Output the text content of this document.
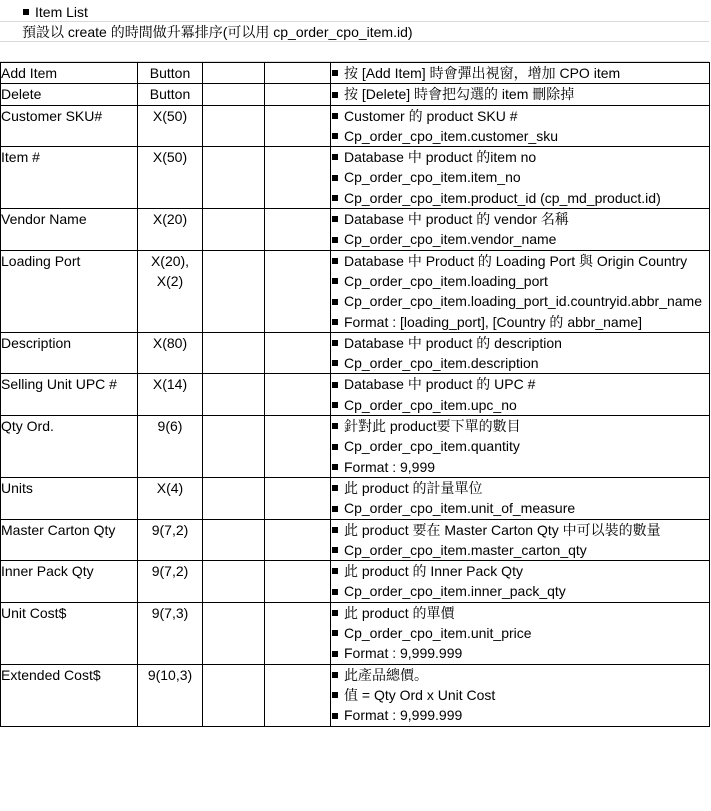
Item List
預設以 create 的時間做升冪排序(可以用 cp_order_cpo_item.id)
Add Item	Button			按 [Add Item] 時會彈出視窗，增加 CPO item

Delete	Button			按 [Delete] 時會把勾選的 item 刪除掉

Customer SKU#	X(50)			Customer 的 product SKU #
Cp_order_cpo_item.customer_sku

Item #	X(50)			Database 中 product 的item no
Cp_order_cpo_item.item_no
Cp_order_cpo_item.product_id (cp_md_product.id)

Vendor Name	X(20)			Database 中 product 的 vendor 名稱
Cp_order_cpo_item.vendor_name

Loading Port	X(20),
X(2)			Database 中 Product 的 Loading Port 與 Origin Country
Cp_order_cpo_item.loading_port
Cp_order_cpo_item.loading_port_id.countryid.abbr_name
Format : [loading_port], [Country 的 abbr_name]

Description	X(80)			Database 中 product 的 description
Cp_order_cpo_item.description

Selling Unit UPC #	X(14)			Database 中 product 的 UPC #
Cp_order_cpo_item.upc_no

Qty Ord.	9(6)			針對此 product要下單的數目
Cp_order_cpo_item.quantity
Format : 9,999

Units	X(4)			此 product 的計量單位
Cp_order_cpo_item.unit_of_measure

Master Carton Qty	9(7,2)			此 product 要在 Master Carton Qty 中可以裝的數量
Cp_order_cpo_item.master_carton_qty

Inner Pack Qty	9(7,2)			此 product 的 Inner Pack Qty
Cp_order_cpo_item.inner_pack_qty

Unit Cost$	9(7,3)			此 product 的單價
Cp_order_cpo_item.unit_price
Format : 9,999.999

Extended Cost$	9(10,3)			此產品總價。
值 = Qty Ord x Unit Cost
Format : 9,999.999
